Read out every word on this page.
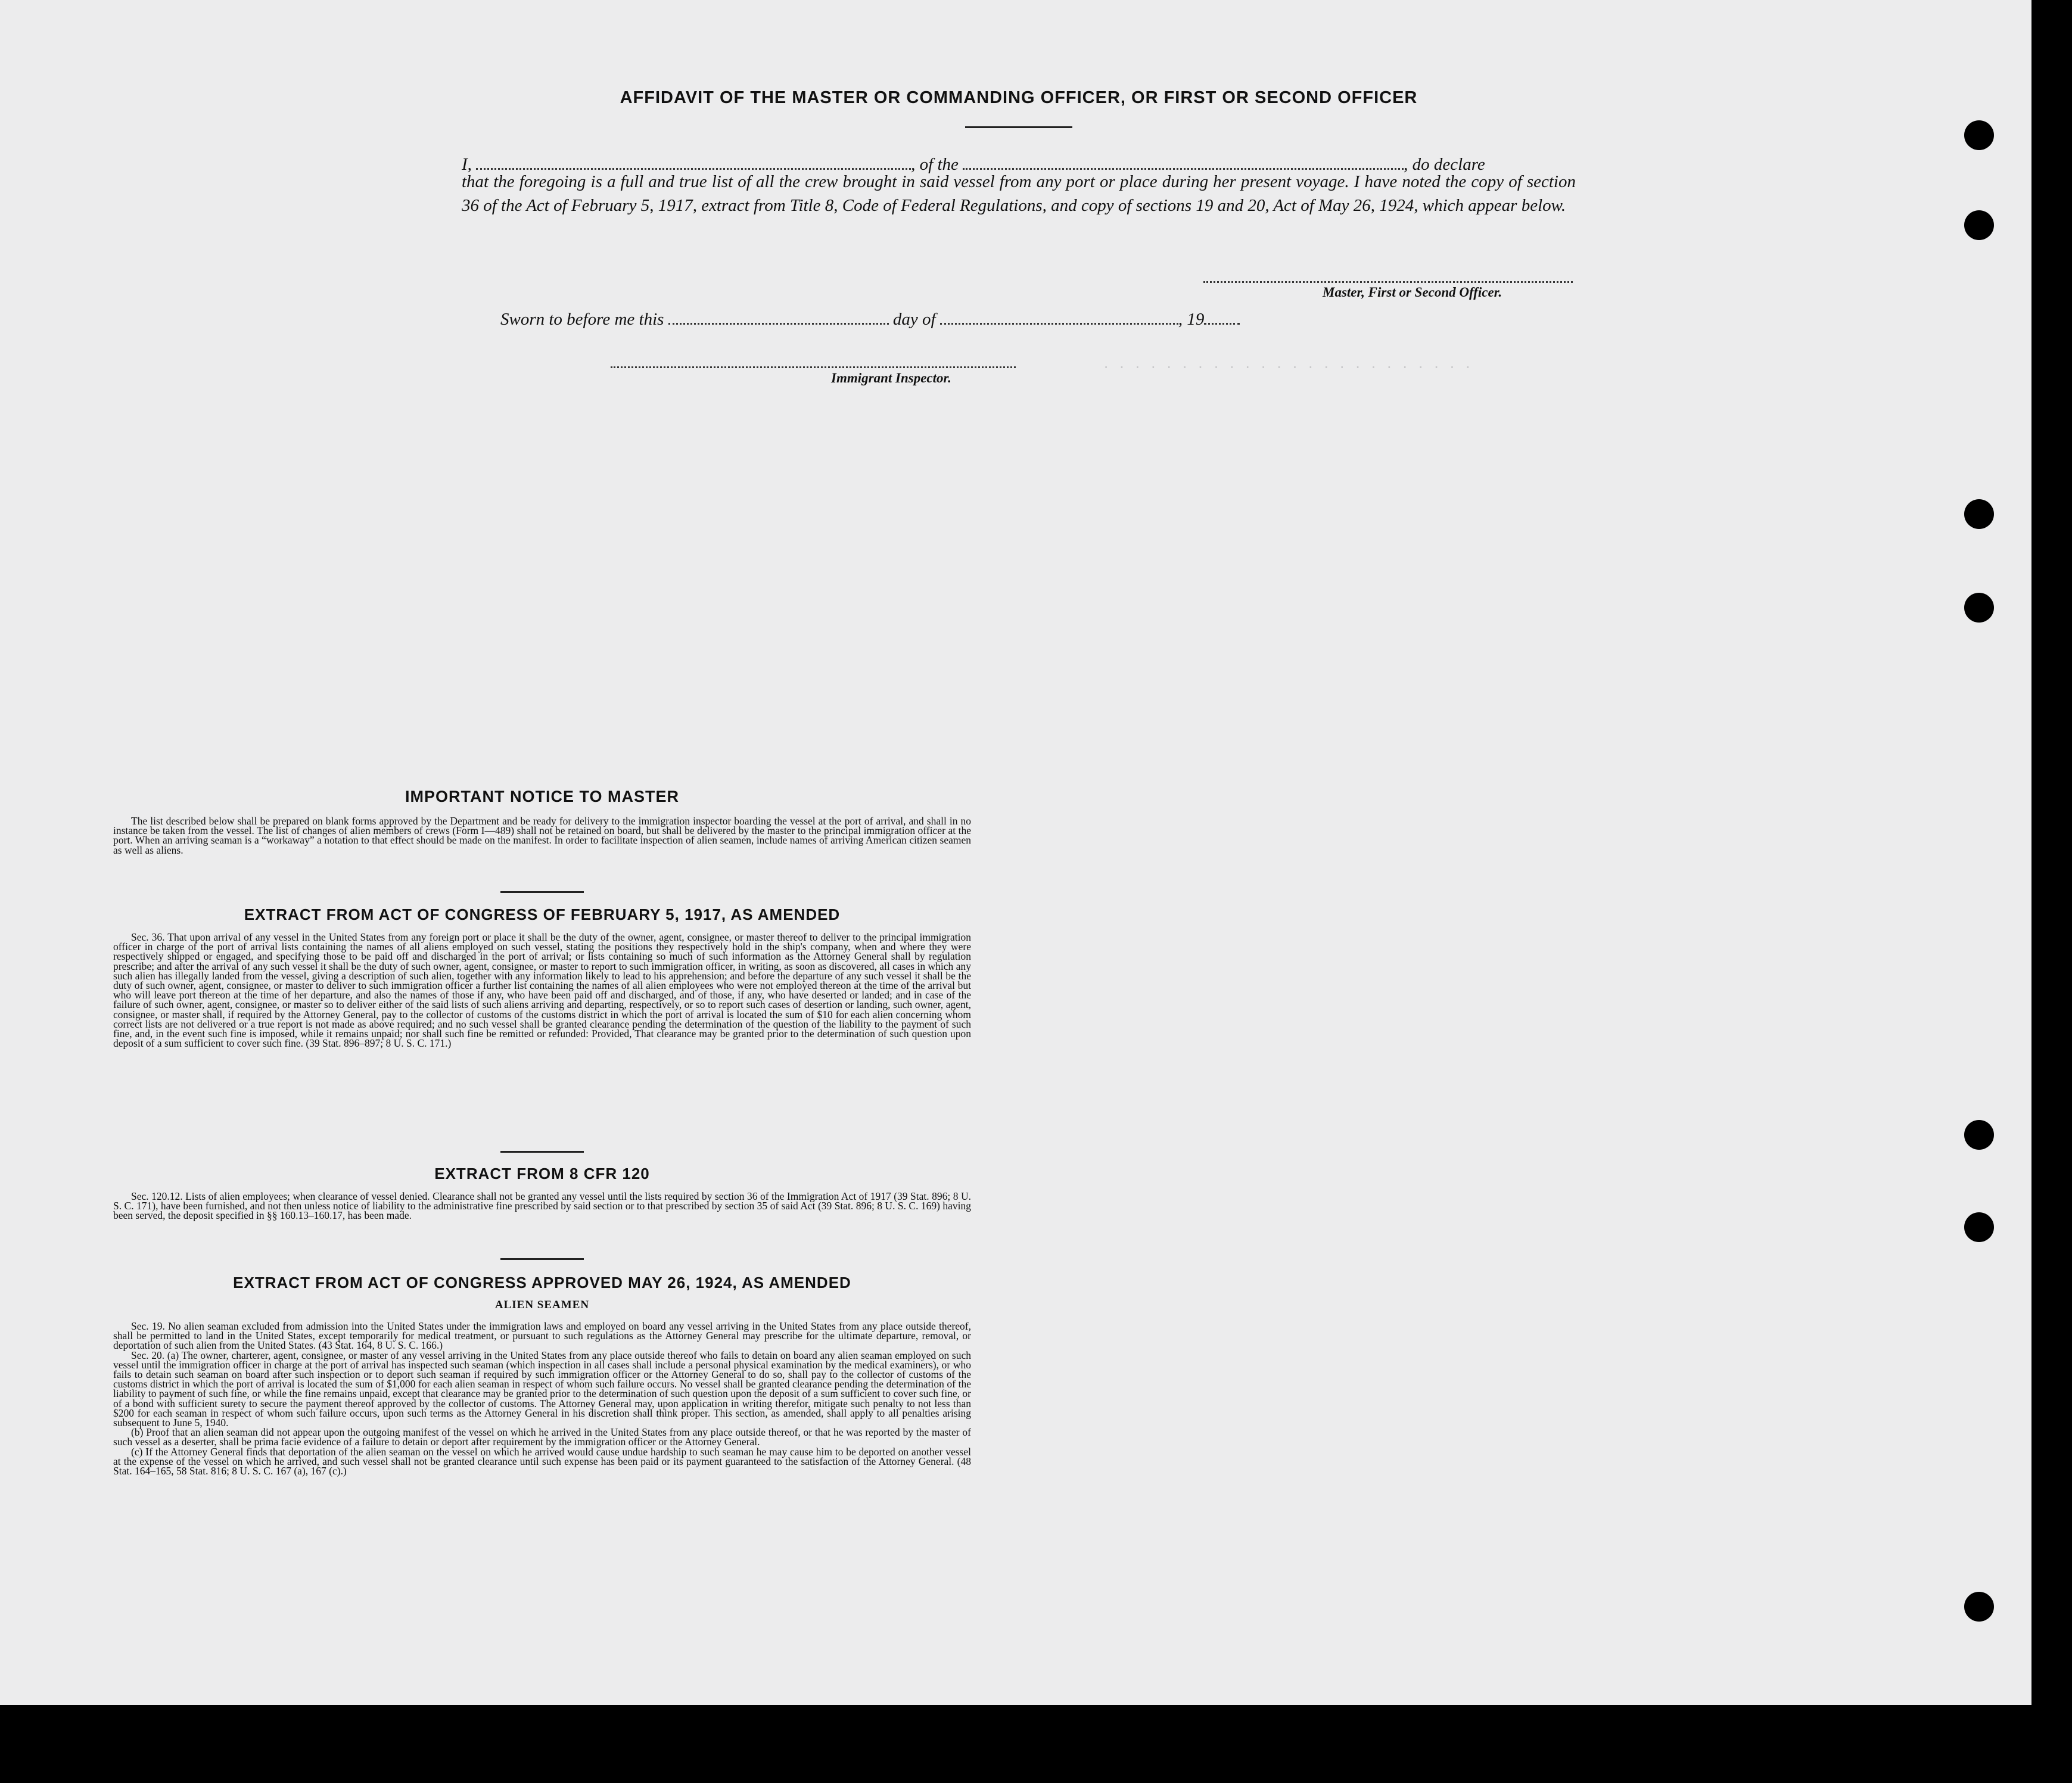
. . . . . . . . . . . . . . . . . . . . . . . .
AFFIDAVIT OF THE MASTER OR COMMANDING OFFICER, OR FIRST OR SECOND OFFICER
I,	, of the	, do declare
that the foregoing is a full and true list of all the crew brought in said vessel from any port or place during her present voyage. I have noted the copy of section 36 of the Act of February 5, 1917, extract from Title 8, Code of Federal Regulations, and copy of sections 19 and 20, Act of May 26, 1924, which appear below.
Master, First or Second Officer.
Sworn to before me this	day of	, 19
Immigrant Inspector.
IMPORTANT NOTICE TO MASTER

The list described below shall be prepared on blank forms approved by the Department and be ready for delivery to the immigration inspector boarding the vessel at the port of arrival, and shall in no instance be taken from the vessel. The list of changes of alien members of crews (Form I—489) shall not be retained on board, but shall be delivered by the master to the principal immigration officer at the port. When an arriving seaman is a “workaway” a notation to that effect should be made on the manifest. In order to facilitate inspection of alien seamen, include names of arriving American citizen seamen as well as aliens.

EXTRACT FROM ACT OF CONGRESS OF FEBRUARY 5, 1917, AS AMENDED

Sec. 36. That upon arrival of any vessel in the United States from any foreign port or place it shall be the duty of the owner, agent, consignee, or master thereof to deliver to the principal immigration officer in charge of the port of arrival lists containing the names of all aliens employed on such vessel, stating the positions they respectively hold in the ship's company, when and where they were respectively shipped or engaged, and specifying those to be paid off and discharged in the port of arrival; or lists containing so much of such information as the Attorney General shall by regulation prescribe; and after the arrival of any such vessel it shall be the duty of such owner, agent, consignee, or master to report to such immigration officer, in writing, as soon as discovered, all cases in which any such alien has illegally landed from the vessel, giving a description of such alien, together with any information likely to lead to his apprehension; and before the departure of any such vessel it shall be the duty of such owner, agent, consignee, or master to deliver to such immigration officer a further list containing the names of all alien employees who were not employed thereon at the time of the arrival but who will leave port thereon at the time of her departure, and also the names of those if any, who have been paid off and discharged, and of those, if any, who have deserted or landed; and in case of the failure of such owner, agent, consignee, or master so to deliver either of the said lists of such aliens arriving and departing, respectively, or so to report such cases of desertion or landing, such owner, agent, consignee, or master shall, if required by the Attorney General, pay to the collector of customs of the customs district in which the port of arrival is located the sum of $10 for each alien concerning whom correct lists are not delivered or a true report is not made as above required; and no such vessel shall be granted clearance pending the determination of the question of the liability to the payment of such fine, and, in the event such fine is imposed, while it remains unpaid; nor shall such fine be remitted or refunded: Provided, That clearance may be granted prior to the determination of such question upon deposit of a sum sufficient to cover such fine. (39 Stat. 896–897; 8 U. S. C. 171.)

EXTRACT FROM 8 CFR 120

Sec. 120.12. Lists of alien employees; when clearance of vessel denied. Clearance shall not be granted any vessel until the lists required by section 36 of the Immigration Act of 1917 (39 Stat. 896; 8 U. S. C. 171), have been furnished, and not then unless notice of liability to the administrative fine prescribed by said section or to that prescribed by section 35 of said Act (39 Stat. 896; 8 U. S. C. 169) having been served, the deposit specified in §§ 160.13–160.17, has been made.

EXTRACT FROM ACT OF CONGRESS APPROVED MAY 26, 1924, AS AMENDED
ALIEN SEAMEN

Sec. 19. No alien seaman excluded from admission into the United States under the immigration laws and employed on board any vessel arriving in the United States from any place outside thereof, shall be permitted to land in the United States, except temporarily for medical treatment, or pursuant to such regulations as the Attorney General may prescribe for the ultimate departure, removal, or deportation of such alien from the United States. (43 Stat. 164, 8 U. S. C. 166.)

Sec. 20. (a) The owner, charterer, agent, consignee, or master of any vessel arriving in the United States from any place outside thereof who fails to detain on board any alien seaman employed on such vessel until the immigration officer in charge at the port of arrival has inspected such seaman (which inspection in all cases shall include a personal physical examination by the medical examiners), or who fails to detain such seaman on board after such inspection or to deport such seaman if required by such immigration officer or the Attorney General to do so, shall pay to the collector of customs of the customs district in which the port of arrival is located the sum of $1,000 for each alien seaman in respect of whom such failure occurs. No vessel shall be granted clearance pending the determination of the liability to payment of such fine, or while the fine remains unpaid, except that clearance may be granted prior to the determination of such question upon the deposit of a sum sufficient to cover such fine, or of a bond with sufficient surety to secure the payment thereof approved by the collector of customs. The Attorney General may, upon application in writing therefor, mitigate such penalty to not less than $200 for each seaman in respect of whom such failure occurs, upon such terms as the Attorney General in his discretion shall think proper. This section, as amended, shall apply to all penalties arising subsequent to June 5, 1940.

(b) Proof that an alien seaman did not appear upon the outgoing manifest of the vessel on which he arrived in the United States from any place outside thereof, or that he was reported by the master of such vessel as a deserter, shall be prima facie evidence of a failure to detain or deport after requirement by the immigration officer or the Attorney General.

(c) If the Attorney General finds that deportation of the alien seaman on the vessel on which he arrived would cause undue hardship to such seaman he may cause him to be deported on another vessel at the expense of the vessel on which he arrived, and such vessel shall not be granted clearance until such expense has been paid or its payment guaranteed to the satisfaction of the Attorney General. (48 Stat. 164–165, 58 Stat. 816; 8 U. S. C. 167 (a), 167 (c).)
